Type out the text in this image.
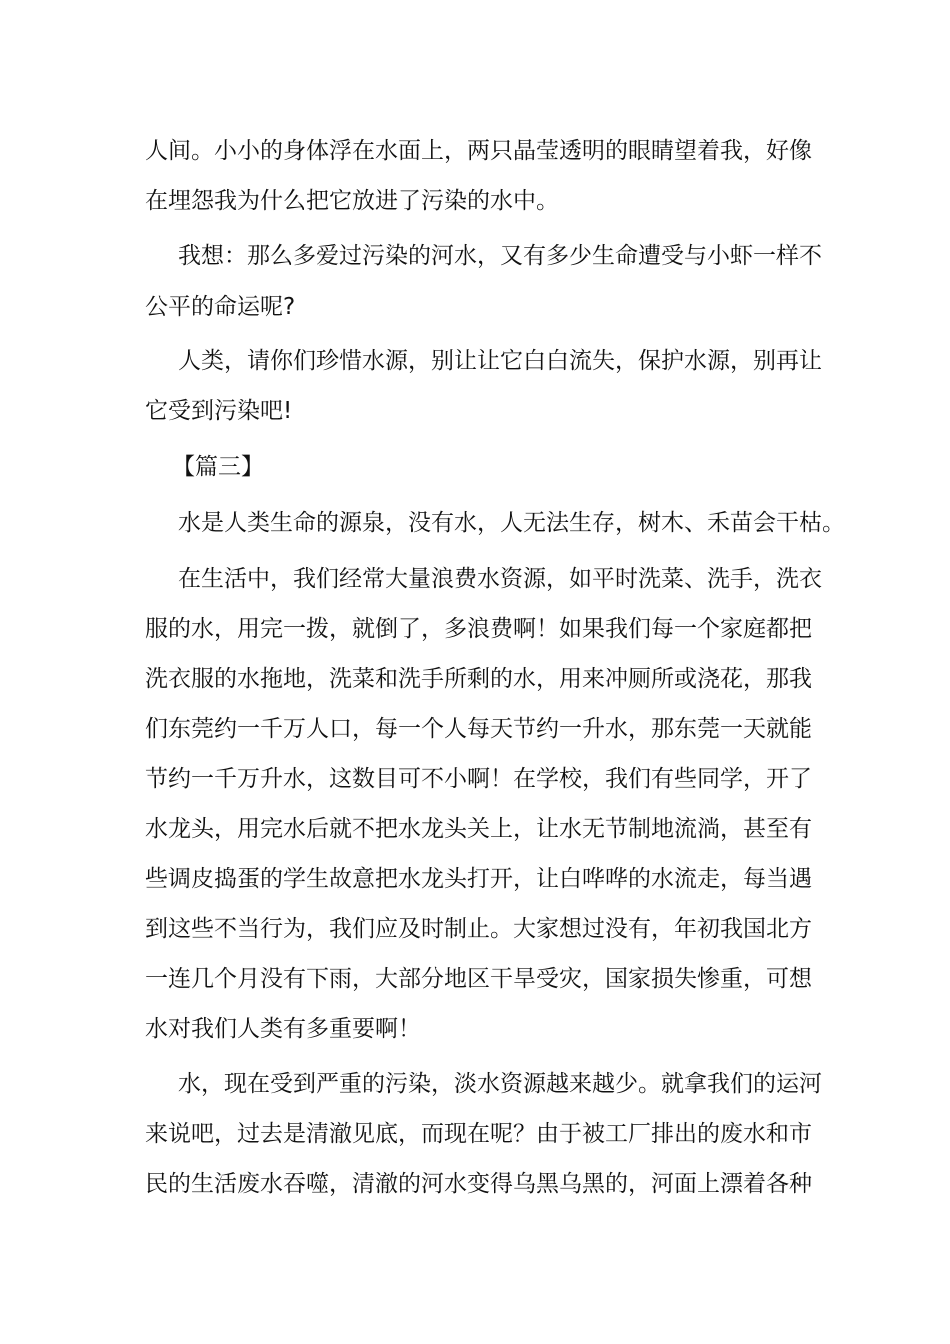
人间。小小的身体浮在水面上，两只晶莹透明的眼睛望着我，好像
在埋怨我为什么把它放进了污染的水中。
我想：那么多爱过污染的河水，又有多少生命遭受与小虾一样不
公平的命运呢?
人类，请你们珍惜水源，别让让它白白流失，保护水源，别再让
它受到污染吧!
【篇三】
水是人类生命的源泉，没有水，人无法生存，树木、禾苗会干枯。
在生活中，我们经常大量浪费水资源，如平时洗菜、洗手，洗衣
服的水，用完一拨，就倒了，多浪费啊！如果我们每一个家庭都把
洗衣服的水拖地，洗菜和洗手所剩的水，用来冲厕所或浇花，那我
们东莞约一千万人口，每一个人每天节约一升水，那东莞一天就能
节约一千万升水，这数目可不小啊！在学校，我们有些同学，开了
水龙头，用完水后就不把水龙头关上，让水无节制地流淌，甚至有
些调皮捣蛋的学生故意把水龙头打开，让白哗哗的水流走，每当遇
到这些不当行为，我们应及时制止。大家想过没有，年初我国北方
一连几个月没有下雨，大部分地区干旱受灾，国家损失惨重，可想
水对我们人类有多重要啊！
水，现在受到严重的污染，淡水资源越来越少。就拿我们的运河
来说吧，过去是清澈见底，而现在呢？由于被工厂排出的废水和市
民的生活废水吞噬，清澈的河水变得乌黑乌黑的，河面上漂着各种
